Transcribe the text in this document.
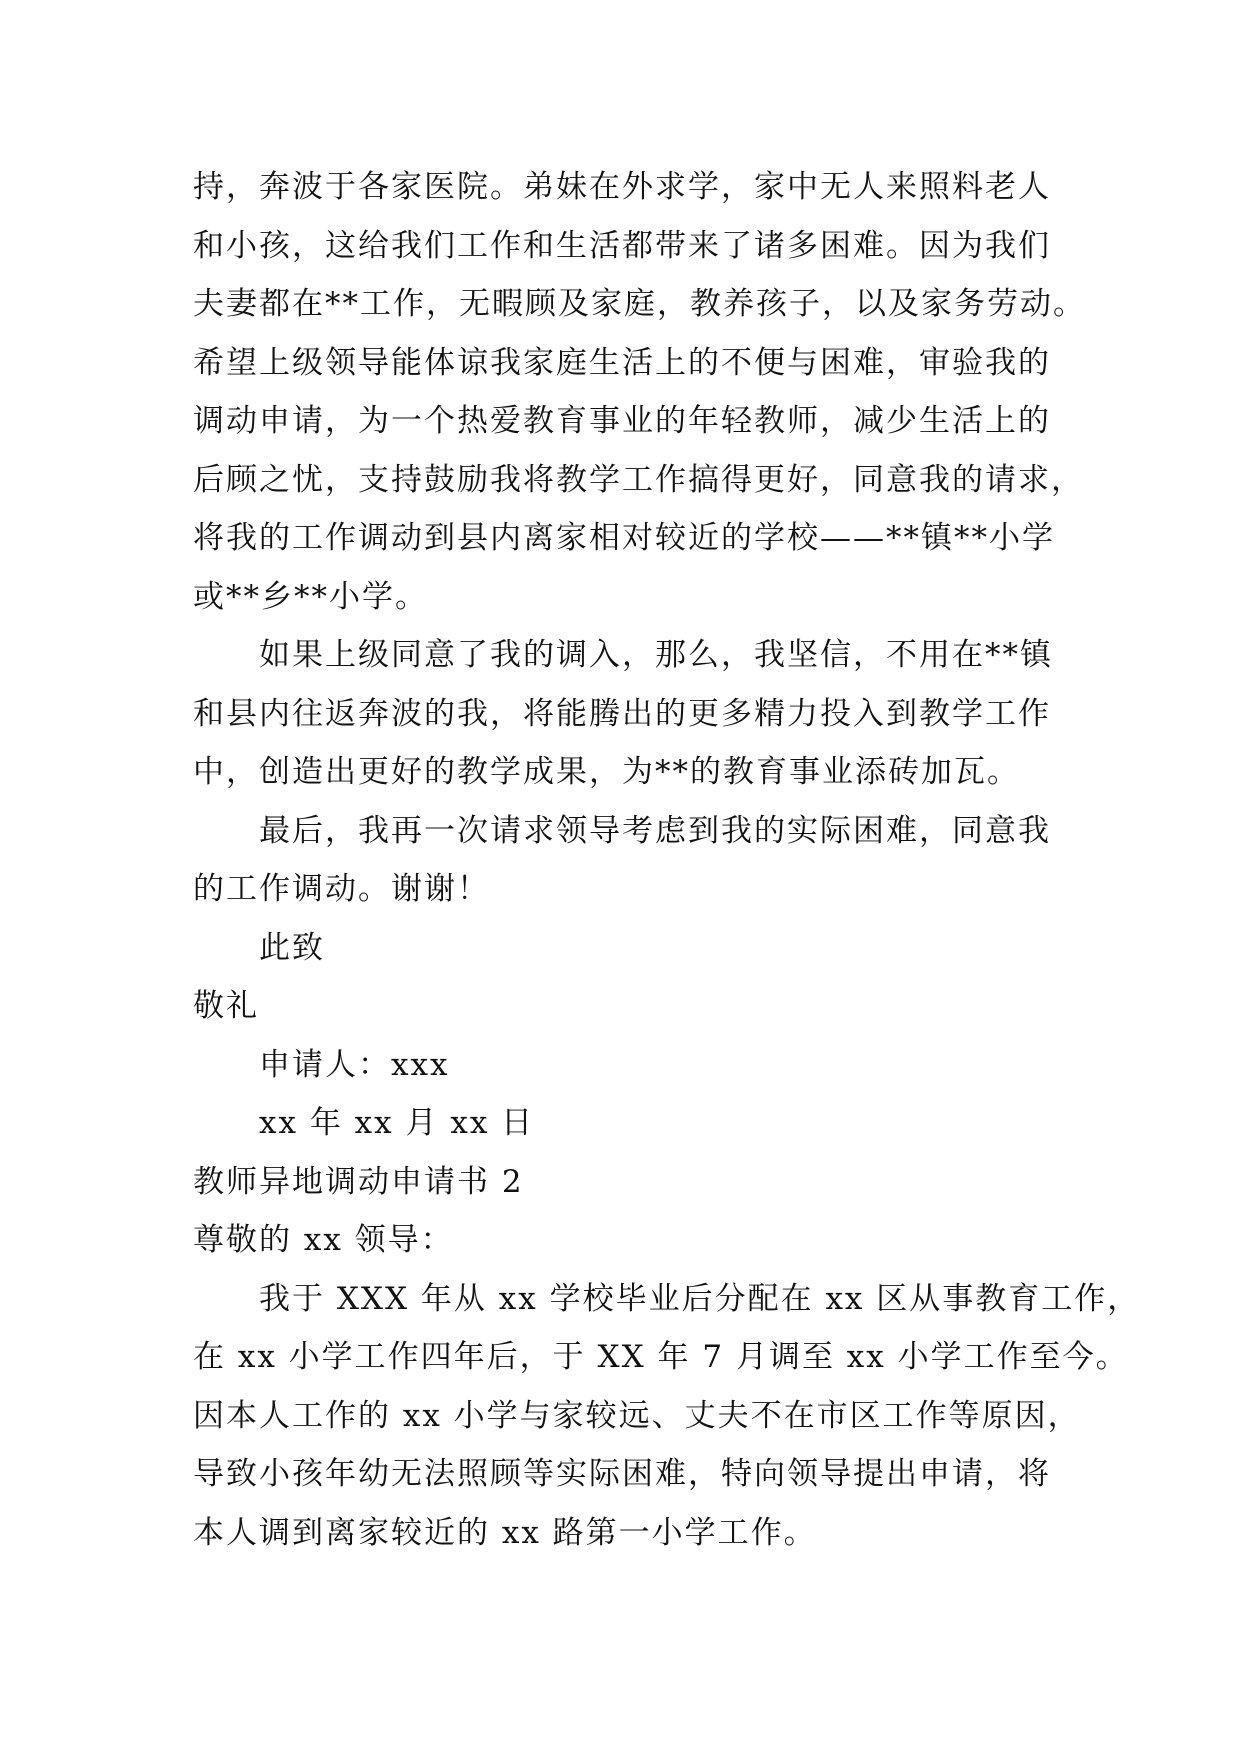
持，奔波于各家医院。弟妹在外求学，家中无人来照料老人
和小孩，这给我们工作和生活都带来了诸多困难。因为我们
夫妻都在**工作，无暇顾及家庭，教养孩子，以及家务劳动。
希望上级领导能体谅我家庭生活上的不便与困难，审验我的
调动申请，为一个热爱教育事业的年轻教师，减少生活上的
后顾之忧，支持鼓励我将教学工作搞得更好，同意我的请求，
将我的工作调动到县内离家相对较近的学校——**镇**小学
或**乡**小学。
如果上级同意了我的调入，那么，我坚信，不用在**镇
和县内往返奔波的我，将能腾出的更多精力投入到教学工作
中，创造出更好的教学成果，为**的教育事业添砖加瓦。
最后，我再一次请求领导考虑到我的实际困难，同意我
的工作调动。谢谢！
此致
敬礼
申请人：xxx
xx 年 xx 月 xx 日
教师异地调动申请书 2
尊敬的 xx 领导：
我于 XXX 年从 xx 学校毕业后分配在 xx 区从事教育工作，
在 xx 小学工作四年后，于 XX 年 7 月调至 xx 小学工作至今。
因本人工作的 xx 小学与家较远、丈夫不在市区工作等原因，
导致小孩年幼无法照顾等实际困难，特向领导提出申请，将
本人调到离家较近的 xx 路第一小学工作。
